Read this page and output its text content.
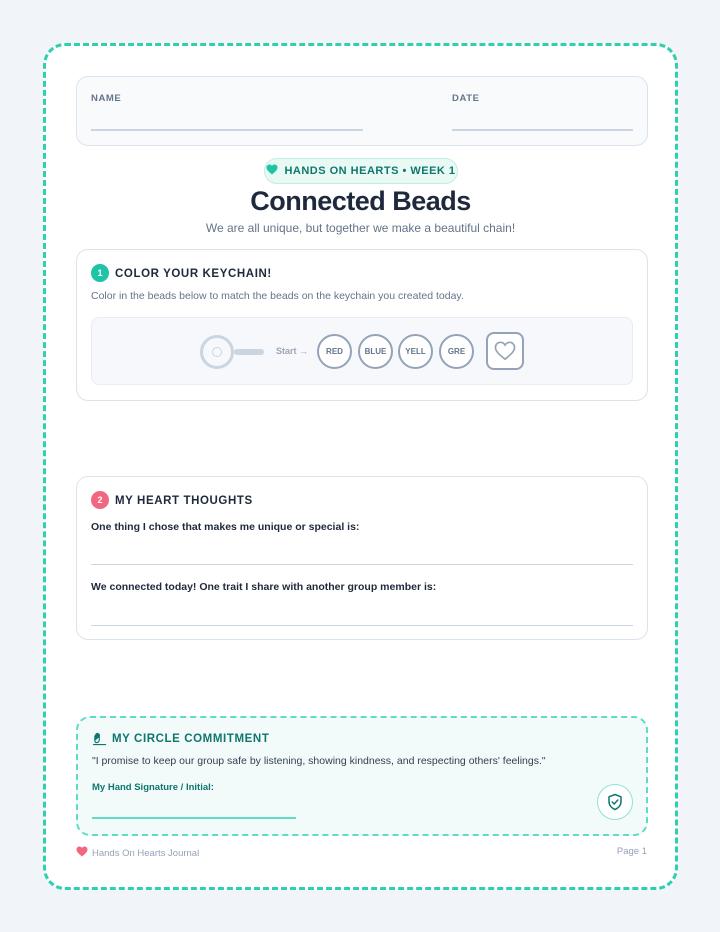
NAME	DATE
HANDS ON HEARTS • WEEK 1
Connected Beads
We are all unique, but together we make a beautiful chain!
1	COLOR YOUR KEYCHAIN!
Color in the beads below to match the beads on the keychain you created today.
Start →	RED	BLUE	YELL	GRE
2	MY HEART THOUGHTS
One thing I chose that makes me unique or special is:
We connected today! One trait I share with another group member is:
MY CIRCLE COMMITMENT
"I promise to keep our group safe by listening, showing kindness, and respecting others' feelings."
My Hand Signature / Initial:
Hands On Hearts Journal	Page 1
